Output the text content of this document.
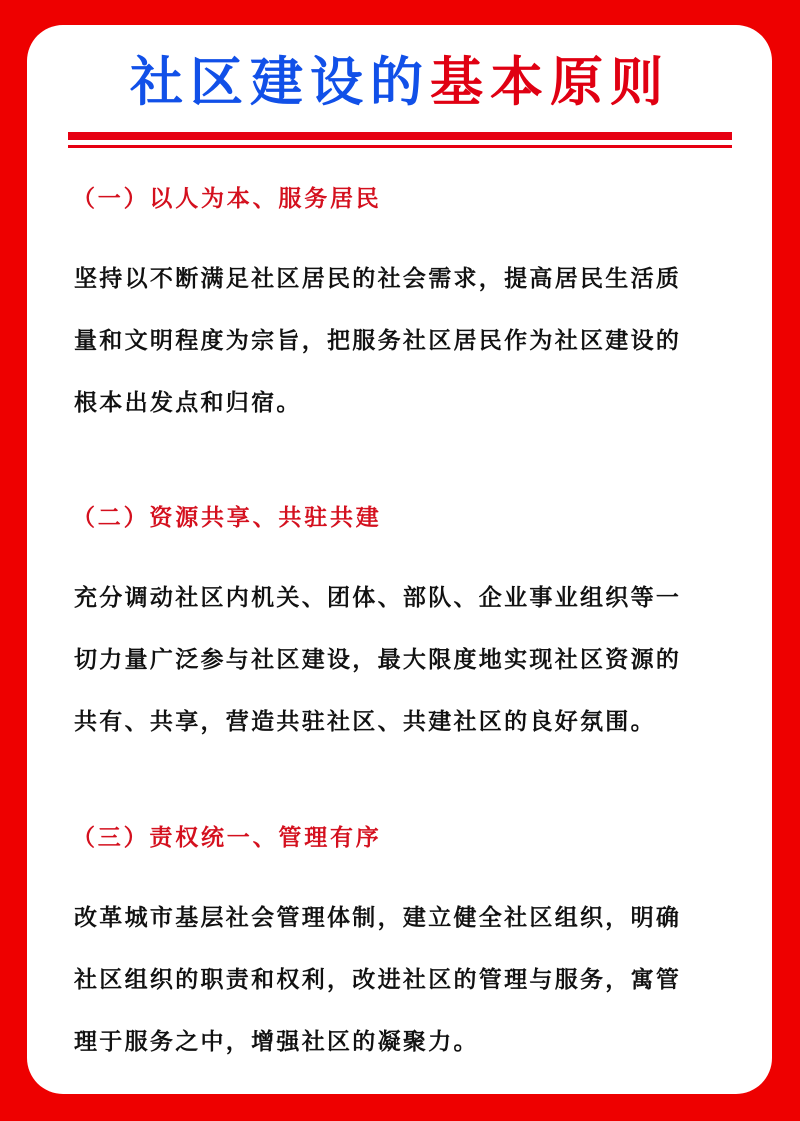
社区建设的基本原则
（一）以人为本、服务居民
坚持以不断满足社区居民的社会需求，提高居民生活质
量和文明程度为宗旨，把服务社区居民作为社区建设的
根本出发点和归宿。
（二）资源共享、共驻共建
充分调动社区内机关、团体、部队、企业事业组织等一
切力量广泛参与社区建设，最大限度地实现社区资源的
共有、共享，营造共驻社区、共建社区的良好氛围。
（三）责权统一、管理有序
改革城市基层社会管理体制，建立健全社区组织，明确
社区组织的职责和权利，改进社区的管理与服务，寓管
理于服务之中，增强社区的凝聚力。
